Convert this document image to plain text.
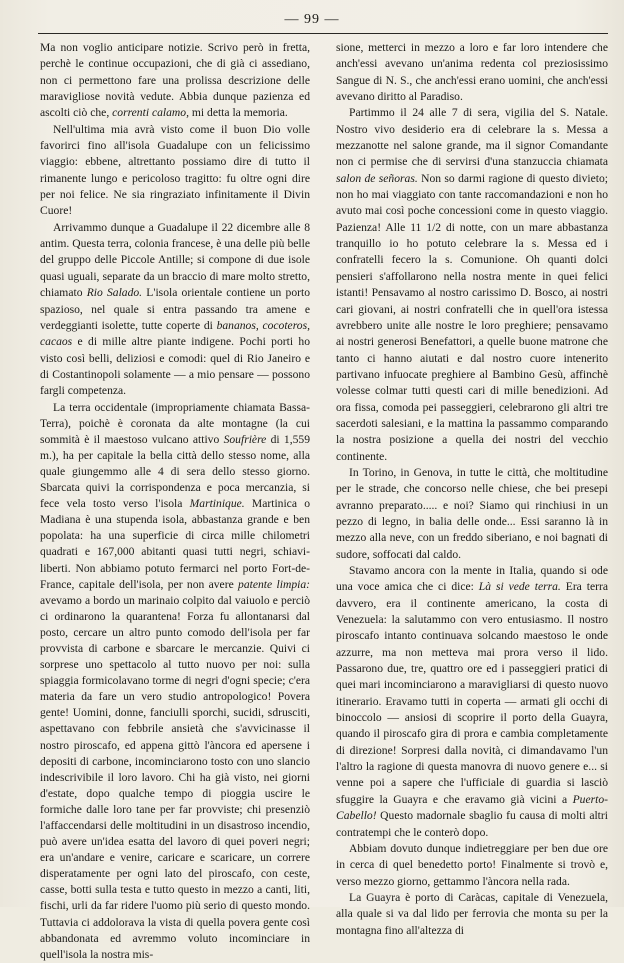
— 99 —

Ma non voglio anticipare notizie. Scrivo però in fretta, perchè le continue occupazioni, che di già ci assediano, non ci permettono fare una prolissa descrizione delle maravigliose novità vedute. Abbia dunque pazienza ed ascolti ciò che, correnti calamo, mi detta la memoria.

Nell'ultima mia avrà visto come il buon Dio volle favorirci fino all'isola Guadalupe con un felicissimo viaggio: ebbene, altrettanto possiamo dire di tutto il rimanente lungo e pericoloso tragitto: fu oltre ogni dire per noi felice. Ne sia ringraziato infinitamente il Divin Cuore!

Arrivammo dunque a Guadalupe il 22 dicembre alle 8 antim. Questa terra, colonia francese, è una delle più belle del gruppo delle Piccole Antille; si compone di due isole quasi uguali, separate da un braccio di mare molto stretto, chiamato Rio Salado. L'isola orientale contiene un porto spazioso, nel quale si entra passando tra amene e verdeggianti isolette, tutte coperte di bananos, cocoteros, cacaos e di mille altre piante indigene. Pochi porti ho visto così belli, deliziosi e comodi: quel di Rio Janeiro e di Costantinopoli solamente — a mio pensare — possono fargli competenza.

La terra occidentale (impropriamente chiamata Bassa-Terra), poichè è coronata da alte montagne (la cui sommità è il maestoso vulcano attivo Soufrière di 1,559 m.), ha per capitale la bella città dello stesso nome, alla quale giungemmo alle 4 di sera dello stesso giorno. Sbarcata quivi la corrispondenza e poca mercanzia, si fece vela tosto verso l'isola Martinique. Martinica o Madiana è una stupenda isola, abbastanza grande e ben popolata: ha una superficie di circa mille chilometri quadrati e 167,000 abitanti quasi tutti negri, schiavi-liberti. Non abbiamo potuto fermarci nel porto Fort-de-France, capitale dell'isola, per non avere patente limpia: avevamo a bordo un marinaio colpito dal vaiuolo e perciò ci ordinarono la quarantena! Forza fu allontanarsi dal posto, cercare un altro punto comodo dell'isola per far provvista di carbone e sbarcare le mercanzie. Quivi ci sorprese uno spettacolo al tutto nuovo per noi: sulla spiaggia formicolavano torme di negri d'ogni specie; c'era materia da fare un vero studio antropologico! Povera gente! Uomini, donne, fanciulli sporchi, sucidi, sdrusciti, aspettavano con febbrile ansietà che s'avvicinasse il nostro piroscafo, ed appena gittò l'àncora ed apersene i depositi di carbone, incominciarono tosto con uno slancio indescrivibile il loro lavoro. Chi ha già visto, nei giorni d'estate, dopo qualche tempo di pioggia uscire le formiche dalle loro tane per far provviste; chi presenziò l'affaccendarsi delle moltitudini in un disastroso incendio, può avere un'idea esatta del lavoro di quei poveri negri; era un'andare e venire, caricare e scaricare, un correre disperatamente per ogni lato del piroscafo, con ceste, casse, botti sulla testa e tutto questo in mezzo a canti, liti, fischi, urli da far ridere l'uomo più serio di questo mondo. Tuttavia ci addolorava la vista di quella povera gente così abbandonata ed avremmo voluto incominciare in quell'isola la nostra mis-

sione, metterci in mezzo a loro e far loro intendere che anch'essi avevano un'anima redenta col preziosissimo Sangue di N. S., che anch'essi erano uomini, che anch'essi avevano diritto al Paradiso.

Partimmo il 24 alle 7 di sera, vigilia del S. Natale. Nostro vivo desiderio era di celebrare la s. Messa a mezzanotte nel salone grande, ma il signor Comandante non ci permise che di servirsi d'una stanzuccia chiamata salon de señoras. Non so darmi ragione di questo divieto; non ho mai viaggiato con tante raccomandazioni e non ho avuto mai così poche concessioni come in questo viaggio. Pazienza! Alle 11 1/2 di notte, con un mare abbastanza tranquillo io ho potuto celebrare la s. Messa ed i confratelli fecero la s. Comunione. Oh quanti dolci pensieri s'affollarono nella nostra mente in quei felici istanti! Pensavamo al nostro carissimo D. Bosco, ai nostri cari giovani, ai nostri confratelli che in quell'ora istessa avrebbero unite alle nostre le loro preghiere; pensavamo ai nostri generosi Benefattori, a quelle buone matrone che tanto ci hanno aiutati e dal nostro cuore intenerito partivano infuocate preghiere al Bambino Gesù, affinchè volesse colmar tutti questi cari di mille benedizioni. Ad ora fissa, comoda pei passeggieri, celebrarono gli altri tre sacerdoti salesiani, e la mattina la passammo comparando la nostra posizione a quella dei nostri del vecchio continente.

In Torino, in Genova, in tutte le città, che moltitudine per le strade, che concorso nelle chiese, che bei presepi avranno preparato..... e noi? Siamo qui rinchiusi in un pezzo di legno, in balia delle onde... Essi saranno là in mezzo alla neve, con un freddo siberiano, e noi bagnati di sudore, soffocati dal caldo.

Stavamo ancora con la mente in Italia, quando si ode una voce amica che ci dice: Là si vede terra. Era terra davvero, era il continente americano, la costa di Venezuela: la salutammo con vero entusiasmo. Il nostro piroscafo intanto continuava solcando maestoso le onde azzurre, ma non metteva mai prora verso il lido. Passarono due, tre, quattro ore ed i passeggieri pratici di quei mari incominciarono a maravigliarsi di questo nuovo itinerario. Eravamo tutti in coperta — armati gli occhi di binoccolo — ansiosi di scoprire il porto della Guayra, quando il piroscafo gira di prora e cambia completamente di direzione! Sorpresi dalla novità, ci dimandavamo l'un l'altro la ragione di questa manovra di nuovo genere e... si venne poi a sapere che l'ufficiale di guardia si lasciò sfuggire la Guayra e che eravamo già vicini a Puerto-Cabello! Questo madornale sbaglio fu causa di molti altri contratempi che le conterò dopo.

Abbiam dovuto dunque indietreggiare per ben due ore in cerca di quel benedetto porto! Finalmente si trovò e, verso mezzo giorno, gettammo l'àncora nella rada.

La Guayra è porto di Caràcas, capitale di Venezuela, alla quale si va dal lido per ferrovia che monta su per la montagna fino all'altezza di
